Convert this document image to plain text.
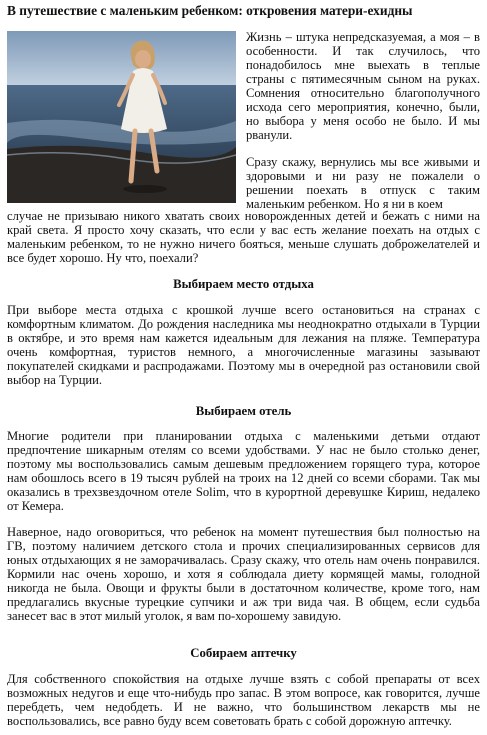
В путешествие с маленьким ребенком: откровения матери-ехидны

Жизнь – штука непредсказуемая, а моя – в особенности. И так случилось, что понадобилось мне выехать в теплые страны с пятимесячным сыном на руках. Сомнения относительно благополучного исхода сего мероприятия, конечно, были, но выбора у меня особо не было. И мы рванули.

Сразу скажу, вернулись мы все живыми и здоровыми и ни разу не пожалели о решении поехать в отпуск с таким маленьким ребенком. Но я ни в коем

случае не призываю никого хватать своих новорожденных детей и бежать с ними на край света. Я просто хочу сказать, что если у вас есть желание поехать на отдых с маленьким ребенком, то не нужно ничего бояться, меньше слушать доброжелателей и все будет хорошо. Ну что, поехали?

Выбираем место отдыха

При выборе места отдыха с крошкой лучше всего остановиться на странах с комфортным климатом. До рождения наследника мы неоднократно отдыхали в Турции в октябре, и это время нам кажется идеальным для лежания на пляже. Температура очень комфортная, туристов немного, а многочисленные магазины зазывают покупателей скидками и распродажами. Поэтому мы в очередной раз остановили свой выбор на Турции.

Выбираем отель

Многие родители при планировании отдыха с маленькими детьми отдают предпочтение шикарным отелям со всеми удобствами. У нас не было столько денег, поэтому мы воспользовались самым дешевым предложением горящего тура, которое нам обошлось всего в 19 тысяч рублей на троих на 12 дней со всеми сборами. Так мы оказались в трехзвездочном отеле Solim, что в курортной деревушке Кириш, недалеко от Кемера.

Наверное, надо оговориться, что ребенок на момент путешествия был полностью на ГВ, поэтому наличием детского стола и прочих специализированных сервисов для юных отдыхающих я не заморачивалась. Сразу скажу, что отель нам очень понравился. Кормили нас очень хорошо, и хотя я соблюдала диету кормящей мамы, голодной никогда не была. Овощи и фрукты были в достаточном количестве, кроме того, нам предлагались вкусные турецкие супчики и аж три вида чая. В общем, если судьба занесет вас в этот милый уголок, я вам по-хорошему завидую.

Собираем аптечку

Для собственного спокойствия на отдыхе лучше взять с собой препараты от всех возможных недугов и еще что-нибудь про запас. В этом вопросе, как говорится, лучше перебдеть, чем недобдеть. И не важно, что большинством лекарств мы не воспользовались, все равно буду всем советовать брать с собой дорожную аптечку.
